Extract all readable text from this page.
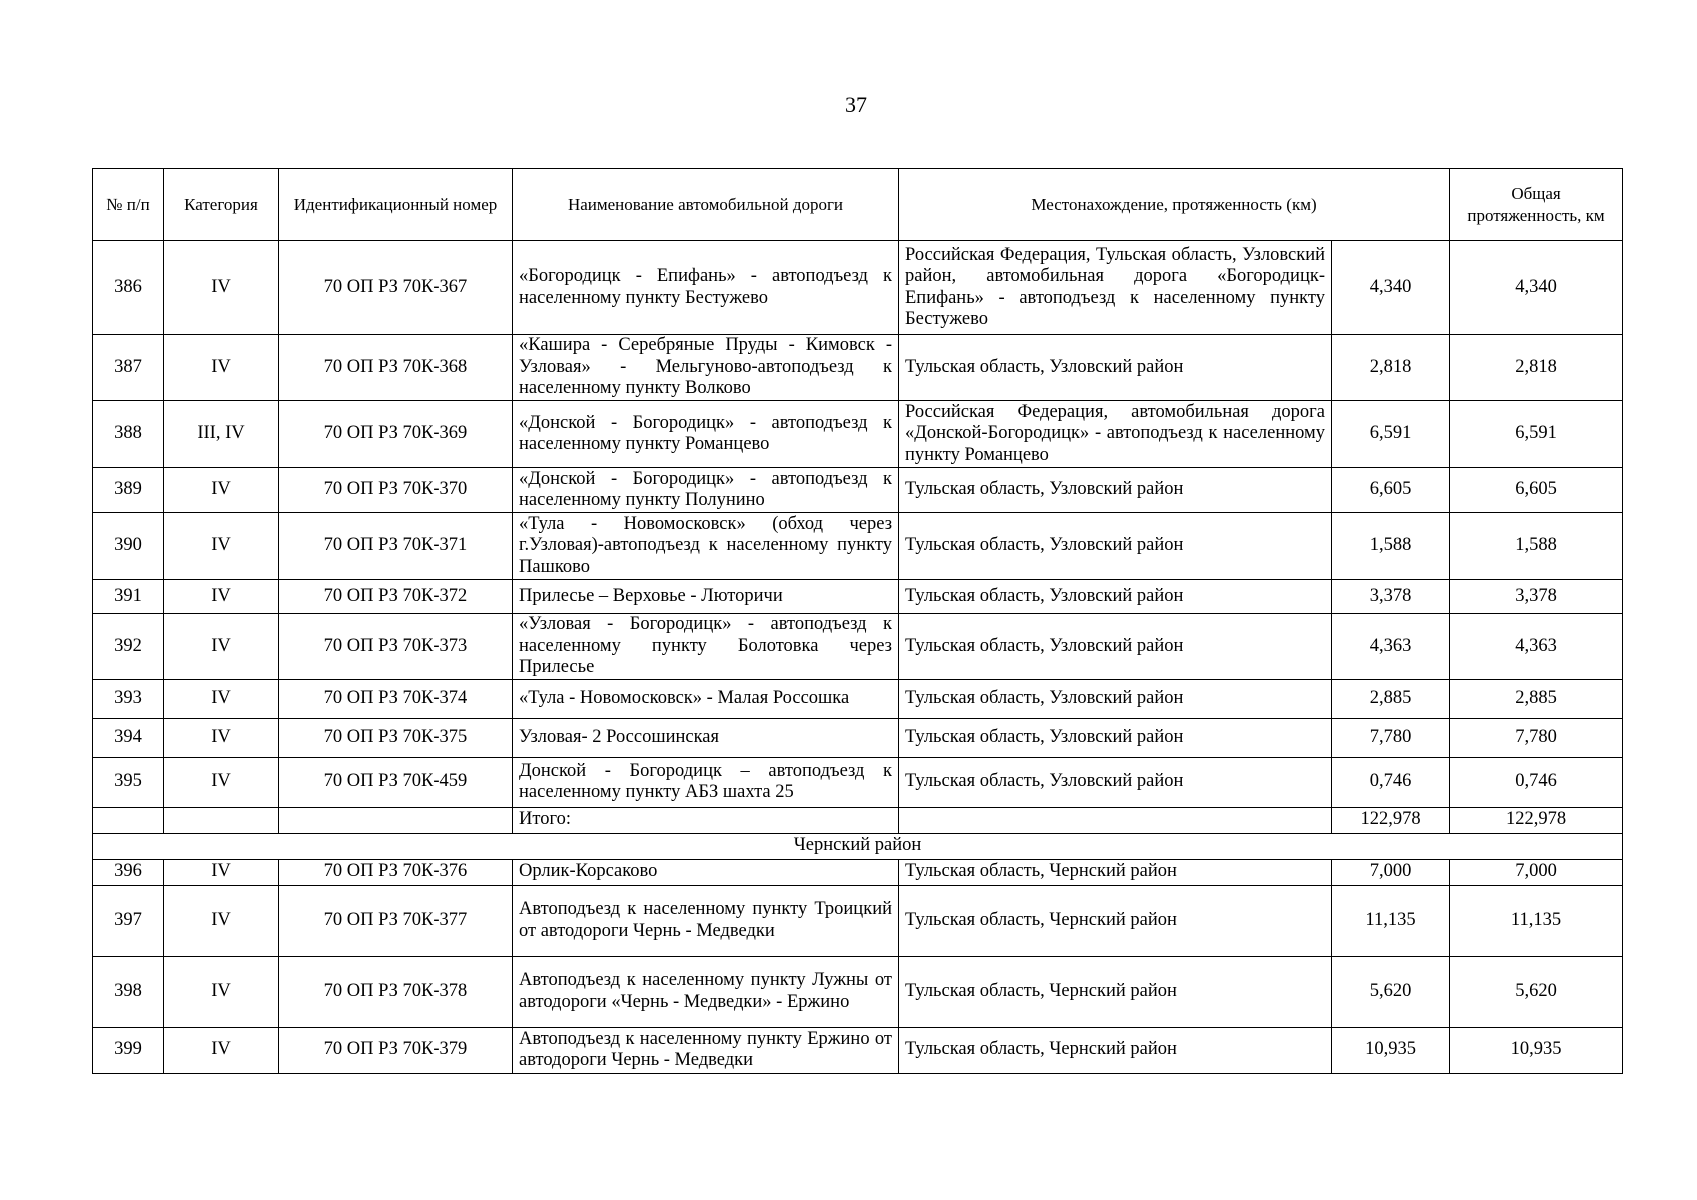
37
№ п/п	Категория	Идентификационный номер	Наименование автомобильной дороги	Местонахождение, протяженность (км)		Общая протяженность, км
386	IV	70 ОП РЗ 70К-367	«Богородицк - Епифань» - автоподъезд к населенному пункту Бестужево	Российская Федерация, Тульская область, Узловский район, автомобильная дорога «Богородицк-Епифань» - автоподъезд к населенному пункту Бестужево	4,340	4,340
387	IV	70 ОП РЗ 70К-368	«Кашира - Серебряные Пруды - Кимовск - Узловая» - Мельгуново-автоподъезд к населенному пункту Волково	Тульская область, Узловский район	2,818	2,818
388	III, IV	70 ОП РЗ 70К-369	«Донской - Богородицк» - автоподъезд к населенному пункту Романцево	Российская Федерация, автомобильная дорога «Донской-Богородицк» - автоподъезд к населенному пункту Романцево	6,591	6,591
389	IV	70 ОП РЗ 70К-370	«Донской - Богородицк» - автоподъезд к населенному пункту Полунино	Тульская область, Узловский район	6,605	6,605
390	IV	70 ОП РЗ 70К-371	«Тула - Новомосковск» (обход через г.Узловая)-автоподъезд к населенному пункту Пашково	Тульская область, Узловский район	1,588	1,588
391	IV	70 ОП РЗ 70К-372	Прилесье – Верховье - Люторичи	Тульская область, Узловский район	3,378	3,378
392	IV	70 ОП РЗ 70К-373	«Узловая - Богородицк» - автоподъезд к населенному пункту Болотовка через Прилесье	Тульская область, Узловский район	4,363	4,363
393	IV	70 ОП РЗ 70К-374	«Тула - Новомосковск» - Малая Россошка	Тульская область, Узловский район	2,885	2,885
394	IV	70 ОП РЗ 70К-375	Узловая- 2 Россошинская	Тульская область, Узловский район	7,780	7,780
395	IV	70 ОП РЗ 70К-459	Донской - Богородицк – автоподъезд к населенному пункту АБЗ шахта 25	Тульская область, Узловский район	0,746	0,746
			Итого:		122,978	122,978
Чернский район						
396	IV	70 ОП РЗ 70К-376	Орлик-Корсаково	Тульская область, Чернский район	7,000	7,000
397	IV	70 ОП РЗ 70К-377	Автоподъезд к населенному пункту Троицкий от автодороги Чернь - Медведки	Тульская область, Чернский район	11,135	11,135
398	IV	70 ОП РЗ 70К-378	Автоподъезд к населенному пункту Лужны от автодороги «Чернь - Медведки» - Ержино	Тульская область, Чернский район	5,620	5,620
399	IV	70 ОП РЗ 70К-379	Автоподъезд к населенному пункту Ержино от автодороги Чернь - Медведки	Тульская область, Чернский район	10,935	10,935
